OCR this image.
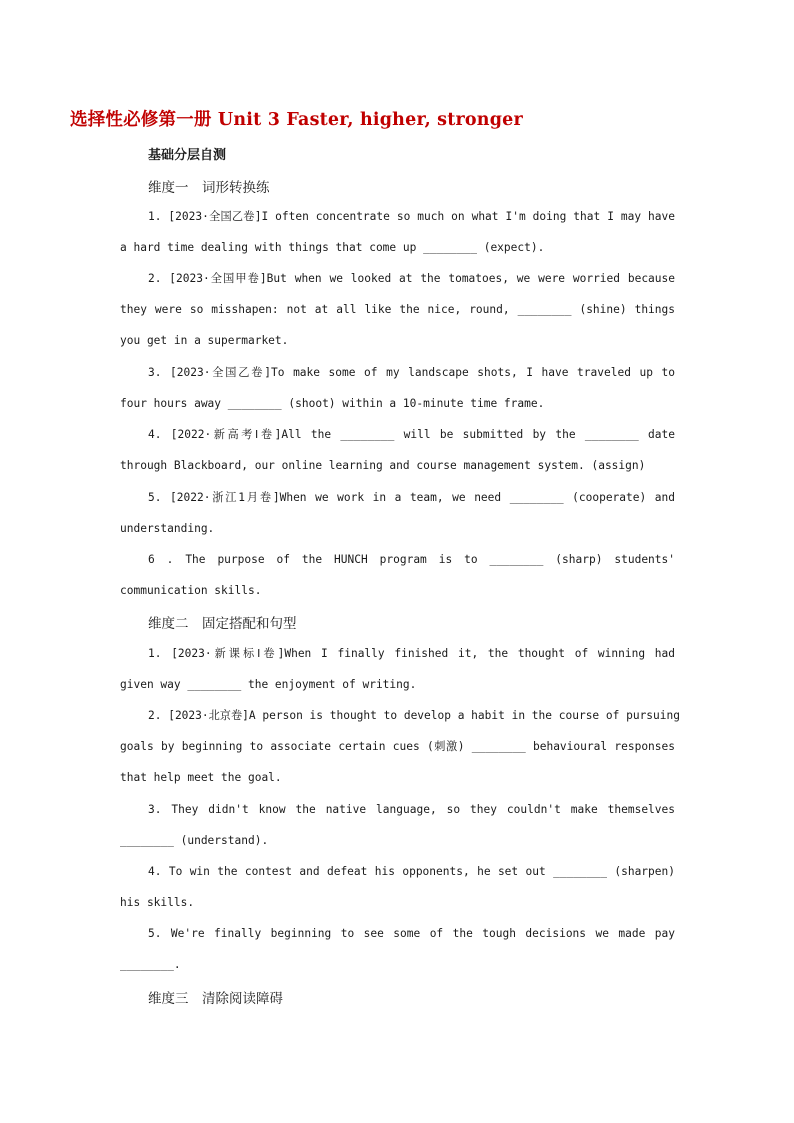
选择性必修第一册 Unit 3 Faster, higher, stronger
基础分层自测
维度一　词形转换练
1. [2023·全国乙卷]I often concentrate so much on what I'm doing that I may have
a hard time dealing with things that come up ________ (expect).
2. [2023·全国甲卷]But when we looked at the tomatoes, we were worried because
they were so misshapen: not at all like the nice, round, ________ (shine) things
you get in a supermarket.
3. [2023·全国乙卷]To make some of my landscape shots, I have traveled up to
four hours away ________ (shoot) within a 10-minute time frame.
4. [2022·新高考Ⅰ卷]All the ________ will be submitted by the ________ date
through Blackboard, our online learning and course management system. (assign)
5. [2022·浙江1月卷]When we work in a team, we need ________ (cooperate) and
understanding.
6 . The purpose of the HUNCH program is to ________ (sharp) students'
communication skills.
维度二　固定搭配和句型
1. [2023·新课标Ⅰ卷]When I finally finished it, the thought of winning had
given way ________ the enjoyment of writing.
2. [2023·北京卷]A person is thought to develop a habit in the course of pursuing
goals by beginning to associate certain cues (刺激) ________ behavioural responses
that help meet the goal.
3. They didn't know the native language, so they couldn't make themselves
________ (understand).
4. To win the contest and defeat his opponents, he set out ________ (sharpen)
his skills.
5. We're finally beginning to see some of the tough decisions we made pay
________.
维度三　清除阅读障碍
